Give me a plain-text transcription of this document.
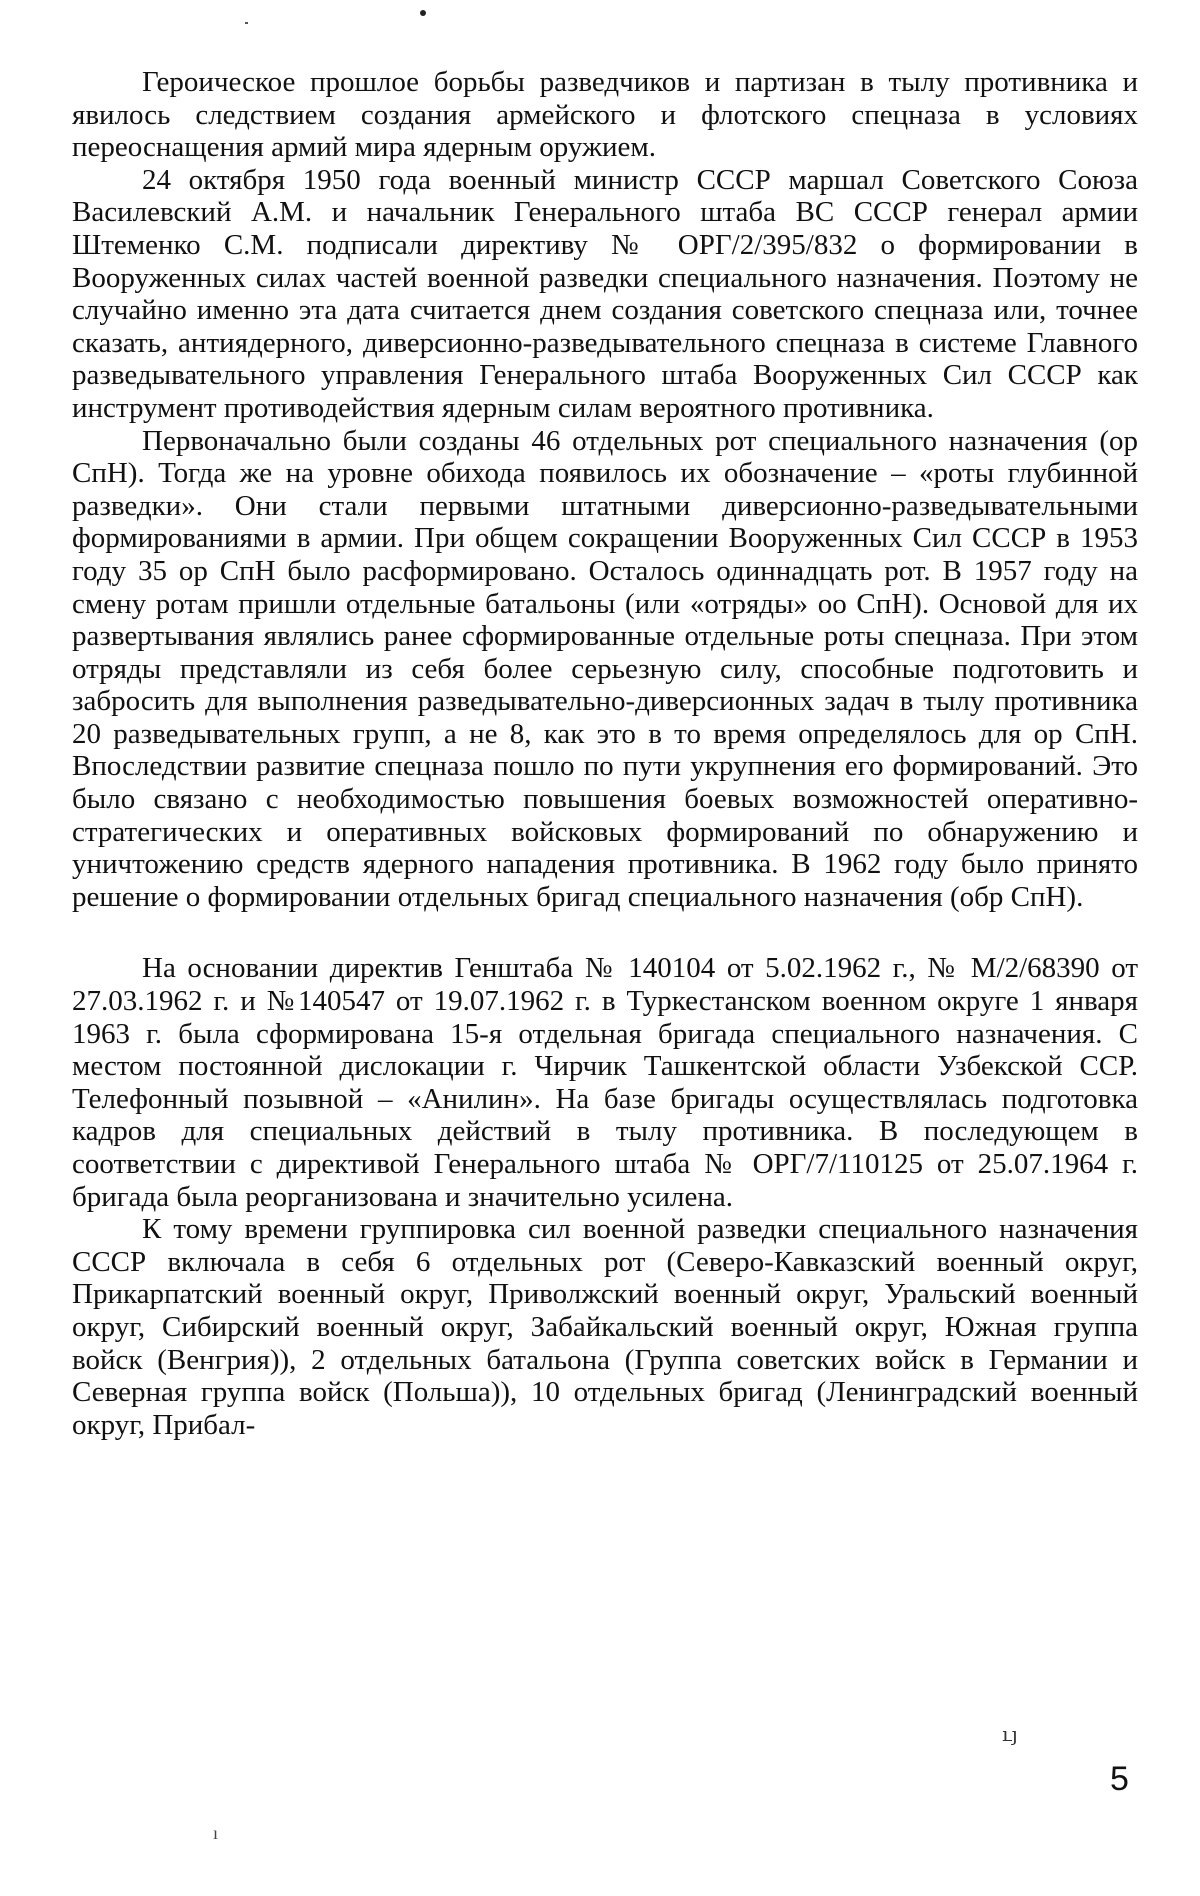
Героическое прошлое борьбы разведчиков и партизан в тылу противника и явилось следствием создания армейского и флотского спецназа в условиях переоснащения армий мира ядерным оружием.

24 октября 1950 года военный министр СССР маршал Советского Союза Василевский А.М. и начальник Генерального штаба ВС СССР генерал армии Штеменко С.М. подписали директиву № ОРГ/2/395/832 о формировании в Вооруженных силах частей военной разведки специального назначения. Поэтому не случайно именно эта дата считается днем создания советского спецназа или, точнее сказать, антиядерного, диверсионно-разведывательного спецназа в системе Главного разведывательного управления Генерального штаба Вооруженных Сил СССР как инструмент противодействия ядерным силам вероятного противника.

Первоначально были созданы 46 отдельных рот специального назначения (ор СпН). Тогда же на уровне обихода появилось их обозначение – «роты глубинной разведки». Они стали первыми штатными диверсионно-разведывательными формированиями в армии. При общем сокращении Вооруженных Сил СССР в 1953 году 35 ор СпН было расформировано. Осталось одиннадцать рот. В 1957 году на смену ротам пришли отдельные батальоны (или «отряды» оо СпН). Основой для их развертывания являлись ранее сформированные отдельные роты спецназа. При этом отряды представляли из себя более серьезную силу, способные подготовить и забросить для выполнения разведывательно-диверсионных задач в тылу противника 20 разведывательных групп, а не 8, как это в то время определялось для ор СпН. Впоследствии развитие спецназа пошло по пути укрупнения его формирований. Это было связано с необходимостью повышения боевых возможностей оперативно-стратегических и оперативных войсковых формирований по обнаружению и уничтожению средств ядерного нападения противника. В 1962 году было принято решение о формировании отдельных бригад специального назначения (обр СпН).

На основании директив Генштаба № 140104 от 5.02.1962 г., № М/2/68390 от 27.03.1962 г. и №140547 от 19.07.1962 г. в Туркестанском военном округе 1 января 1963 г. была сформирована 15-я отдельная бригада специального назначения. С местом постоянной дислокации г. Чирчик Ташкентской области Узбекской ССР. Телефонный позывной – «Анилин». На базе бригады осуществлялась подготовка кадров для специальных действий в тылу противника. В последующем в соответствии с директивой Генерального штаба № ОРГ/7/110125 от 25.07.1964 г. бригада была реорганизована и значительно усилена.

К тому времени группировка сил военной разведки специального назначения СССР включала в себя 6 отдельных рот (Северо-Кавказский военный округ, Прикарпатский военный округ, Приволжский военный округ, Уральский военный округ, Сибирский военный округ, Забайкальский военный округ, Южная группа войск (Венгрия)), 2 отдельных батальона (Группа советских войск в Германии и Северная группа войск (Польша)), 10 отдельных бригад (Ленинградский военный округ, Прибал-

ւյ
5
ı
